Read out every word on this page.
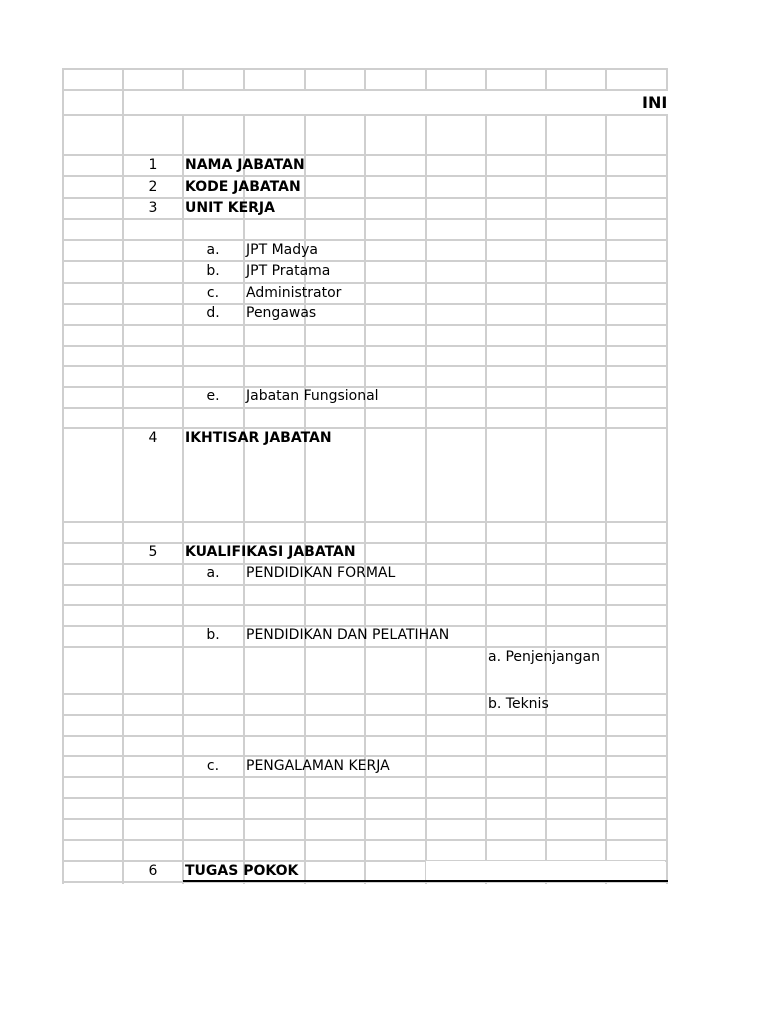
INI
1	NAMA JABATAN
2	KODE JABATAN
3	UNIT KERJA
a.	JPT Madya
b.	JPT Pratama
c.	Administrator
d.	Pengawas
e.	Jabatan Fungsional
4	IKHTISAR JABATAN
5	KUALIFIKASI JABATAN
a.	PENDIDIKAN FORMAL
b.	PENDIDIKAN DAN PELATIHAN
a. Penjenjangan
b. Teknis
c.	PENGALAMAN KERJA
6	TUGAS POKOK
